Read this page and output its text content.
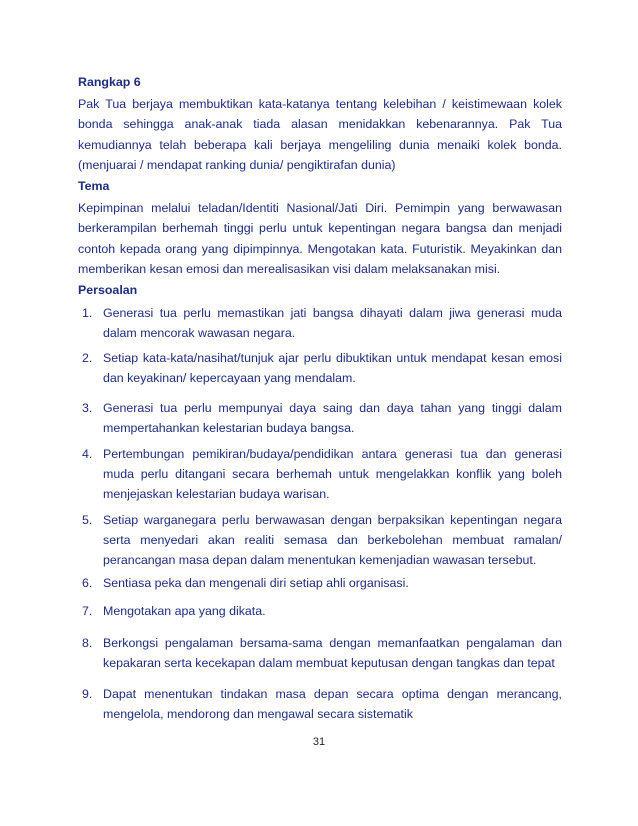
Rangkap 6
Pak Tua berjaya membuktikan kata-katanya tentang kelebihan / keistimewaan kolek
bonda sehingga anak-anak tiada alasan menidakkan kebenarannya. Pak Tua
kemudiannya telah beberapa kali berjaya mengeliling dunia menaiki kolek bonda.
(menjuarai / mendapat ranking dunia/ pengiktirafan dunia)
Tema
Kepimpinan melalui teladan/Identiti Nasional/Jati Diri. Pemimpin yang berwawasan
berkerampilan berhemah tinggi perlu untuk kepentingan negara bangsa dan menjadi
contoh kepada orang yang dipimpinnya. Mengotakan kata. Futuristik. Meyakinkan dan
memberikan kesan emosi dan merealisasikan visi dalam melaksanakan misi.
Persoalan
1. Generasi tua perlu memastikan jati bangsa dihayati dalam jiwa generasi muda
dalam mencorak wawasan negara.
2. Setiap kata-kata/nasihat/tunjuk ajar perlu dibuktikan untuk mendapat kesan emosi
dan keyakinan/ kepercayaan yang mendalam.
3. Generasi tua perlu mempunyai daya saing dan daya tahan yang tinggi dalam
mempertahankan kelestarian budaya bangsa.
4. Pertembungan pemikiran/budaya/pendidikan antara generasi tua dan generasi
muda perlu ditangani secara berhemah untuk mengelakkan konflik yang boleh
menjejaskan kelestarian budaya warisan.
5. Setiap warganegara perlu berwawasan dengan berpaksikan kepentingan negara
serta menyedari akan realiti semasa dan berkebolehan membuat ramalan/
perancangan masa depan dalam menentukan kemenjadian wawasan tersebut.
6. Sentiasa peka dan mengenali diri setiap ahli organisasi.
7. Mengotakan apa yang dikata.
8. Berkongsi pengalaman bersama-sama dengan memanfaatkan pengalaman dan
kepakaran serta kecekapan dalam membuat keputusan dengan tangkas dan tepat
9. Dapat menentukan tindakan masa depan secara optima dengan merancang,
mengelola, mendorong dan mengawal secara sistematik
31
